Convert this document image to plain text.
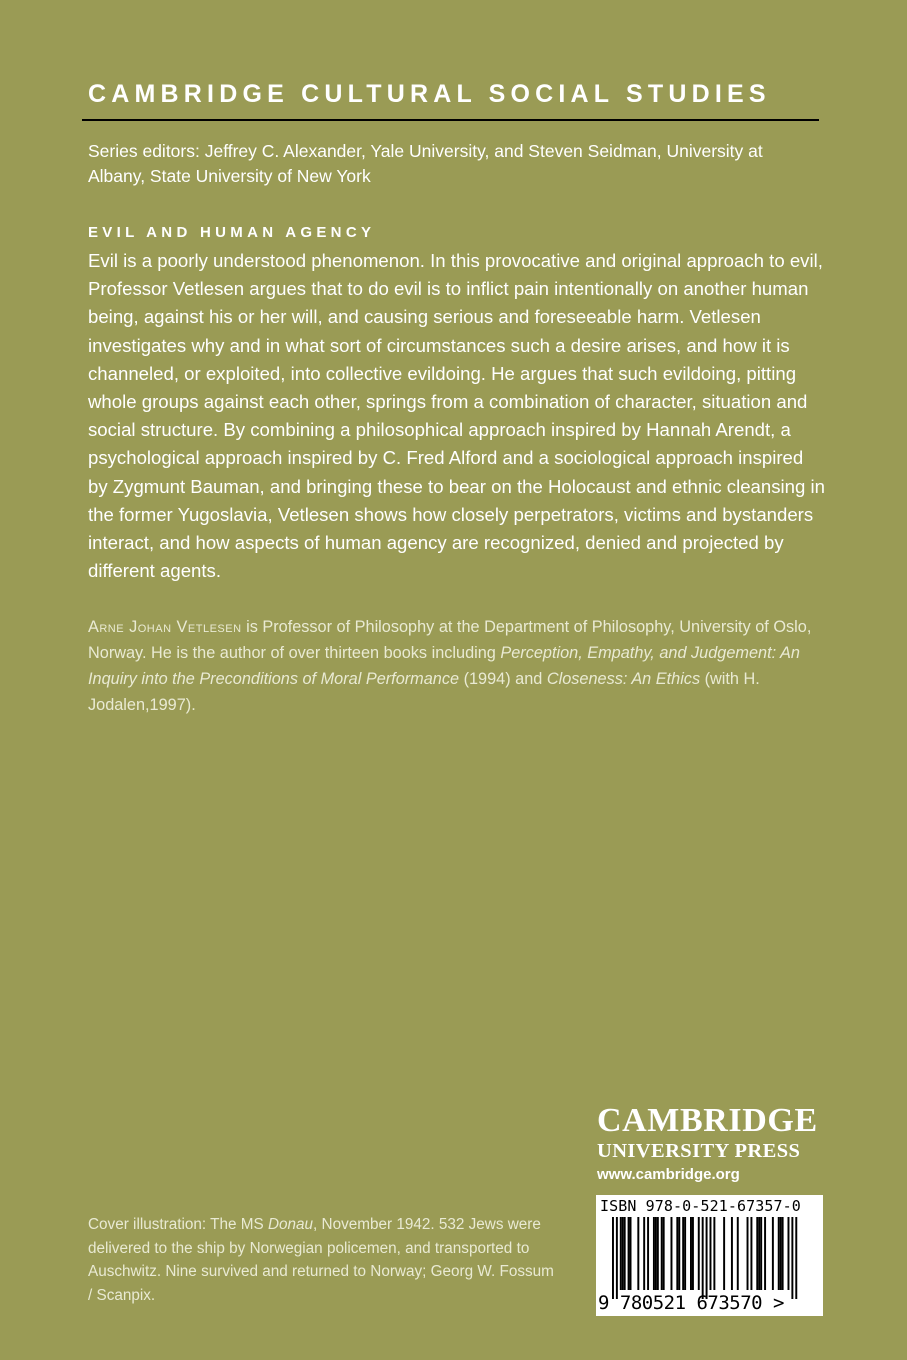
CAMBRIDGE CULTURAL SOCIAL STUDIES
Series editors: Jeffrey C. Alexander, Yale University, and Steven Seidman, University at Albany, State University of New York
EVIL AND HUMAN AGENCY
Evil is a poorly understood phenomenon. In this provocative and original approach to evil, Professor Vetlesen argues that to do evil is to inflict pain intentionally on another human being, against his or her will, and causing serious and foreseeable harm. Vetlesen investigates why and in what sort of circumstances such a desire arises, and how it is channeled, or exploited, into collective evildoing. He argues that such evildoing, pitting whole groups against each other, springs from a combination of character, situation and social structure. By combining a philosophical approach inspired by Hannah Arendt, a psychological approach inspired by C. Fred Alford and a sociological approach inspired by Zygmunt Bauman, and bringing these to bear on the Holocaust and ethnic cleansing in the former Yugoslavia, Vetlesen shows how closely perpetrators, victims and bystanders interact, and how aspects of human agency are recognized, denied and projected by different agents.
Arne Johan Vetlesen is Professor of Philosophy at the Department of Philosophy, University of Oslo, Norway. He is the author of over thirteen books including Perception, Empathy, and Judgement: An Inquiry into the Preconditions of Moral Performance (1994) and Closeness: An Ethics (with H. Jodalen,1997).
CAMBRIDGE
UNIVERSITY PRESS
www.cambridge.org
Cover illustration: The MS Donau, November 1942. 532 Jews were delivered to the ship by Norwegian policemen, and transported to Auschwitz. Nine survived and returned to Norway; Georg W. Fossum / Scanpix.
ISBN 978-0-521-67357-0
9 780521 673570 >
